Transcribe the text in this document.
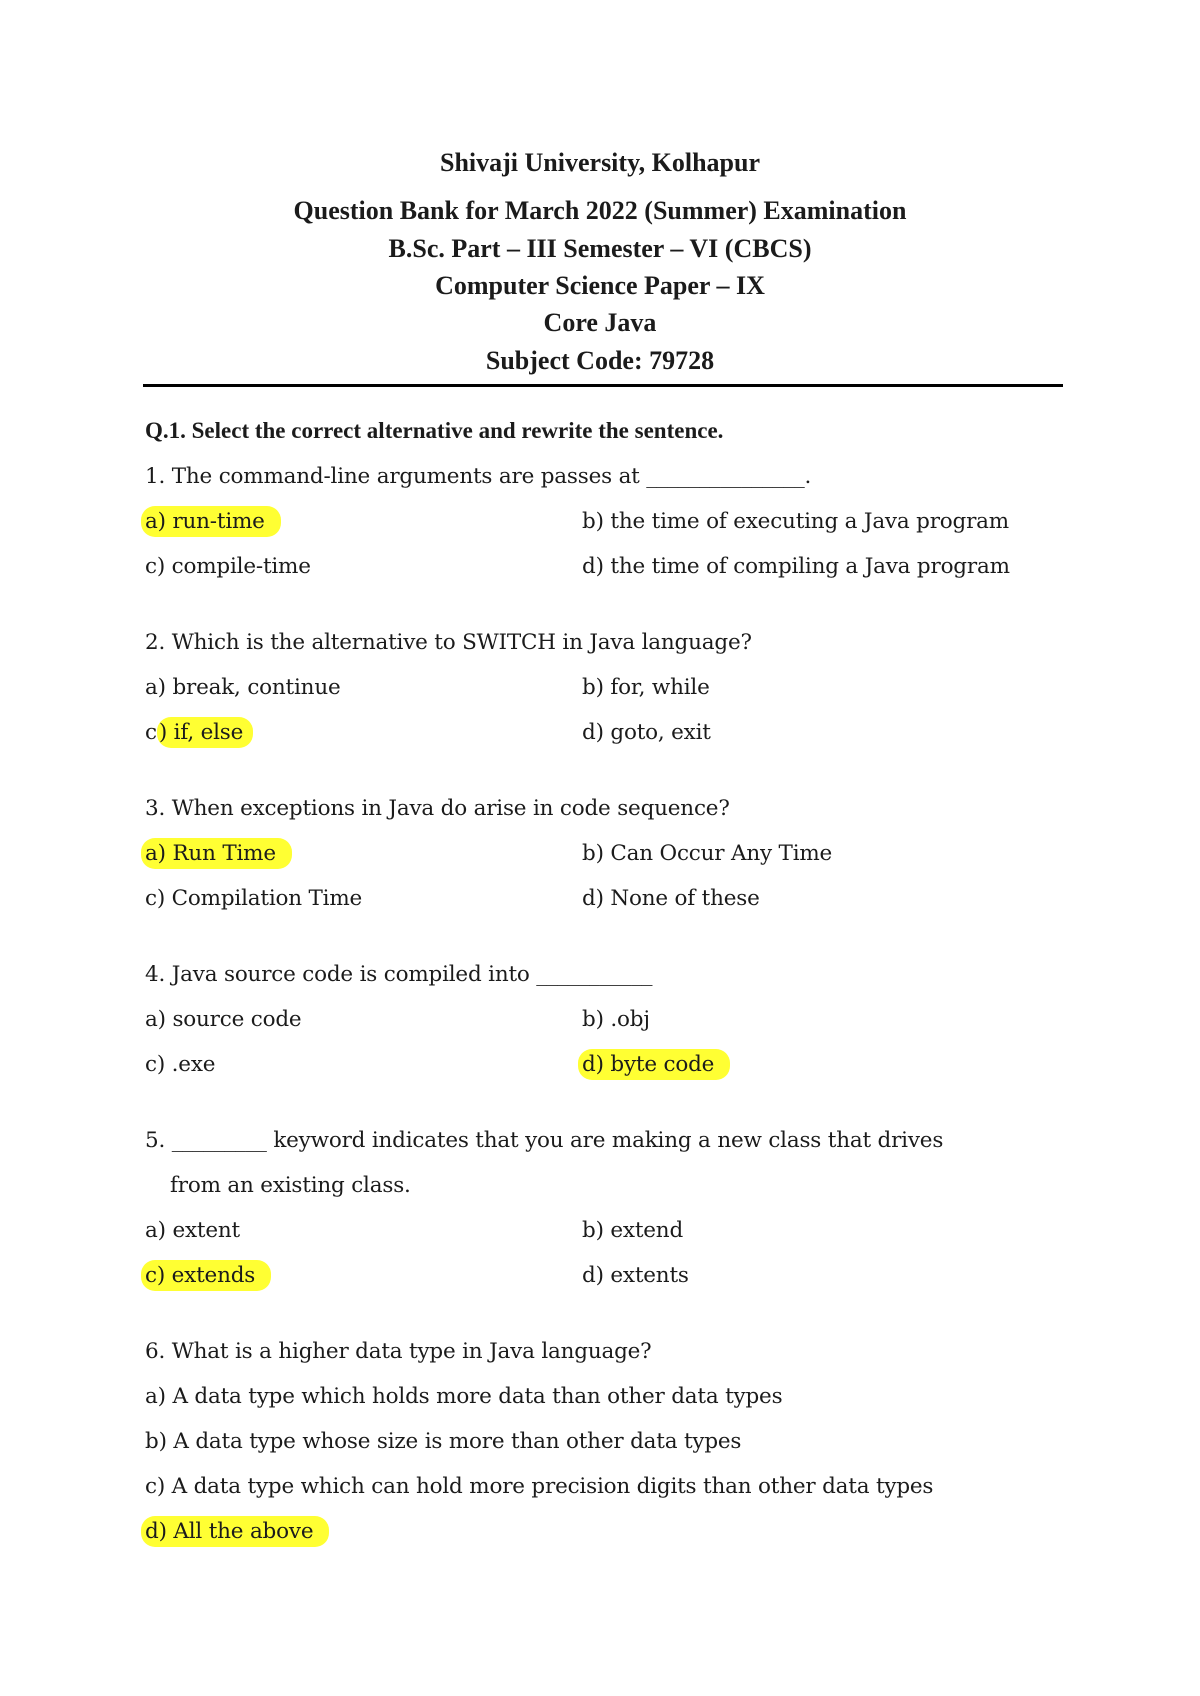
Shivaji University, Kolhapur
Question Bank for March 2022 (Summer) Examination
B.Sc. Part – III Semester – VI (CBCS)
Computer Science Paper – IX
Core Java
Subject Code: 79728
Q.1. Select the correct alternative and rewrite the sentence.
1. The command-line arguments are passes at _______________.
a) run-time	b) the time of executing a Java program
c) compile-time	d) the time of compiling a Java program
2. Which is the alternative to SWITCH in Java language?
a) break, continue	b) for, while
c) if, else	d) goto, exit
3. When exceptions in Java do arise in code sequence?
a) Run Time	b) Can Occur Any Time
c) Compilation Time	d) None of these
4. Java source code is compiled into ___________
a) source code	b) .obj
c) .exe	d) byte code
5. _________ keyword indicates that you are making a new class that drives
from an existing class.
a) extent	b) extend
c) extends	d) extents
6. What is a higher data type in Java language?
a) A data type which holds more data than other data types
b) A data type whose size is more than other data types
c) A data type which can hold more precision digits than other data types
d) All the above
